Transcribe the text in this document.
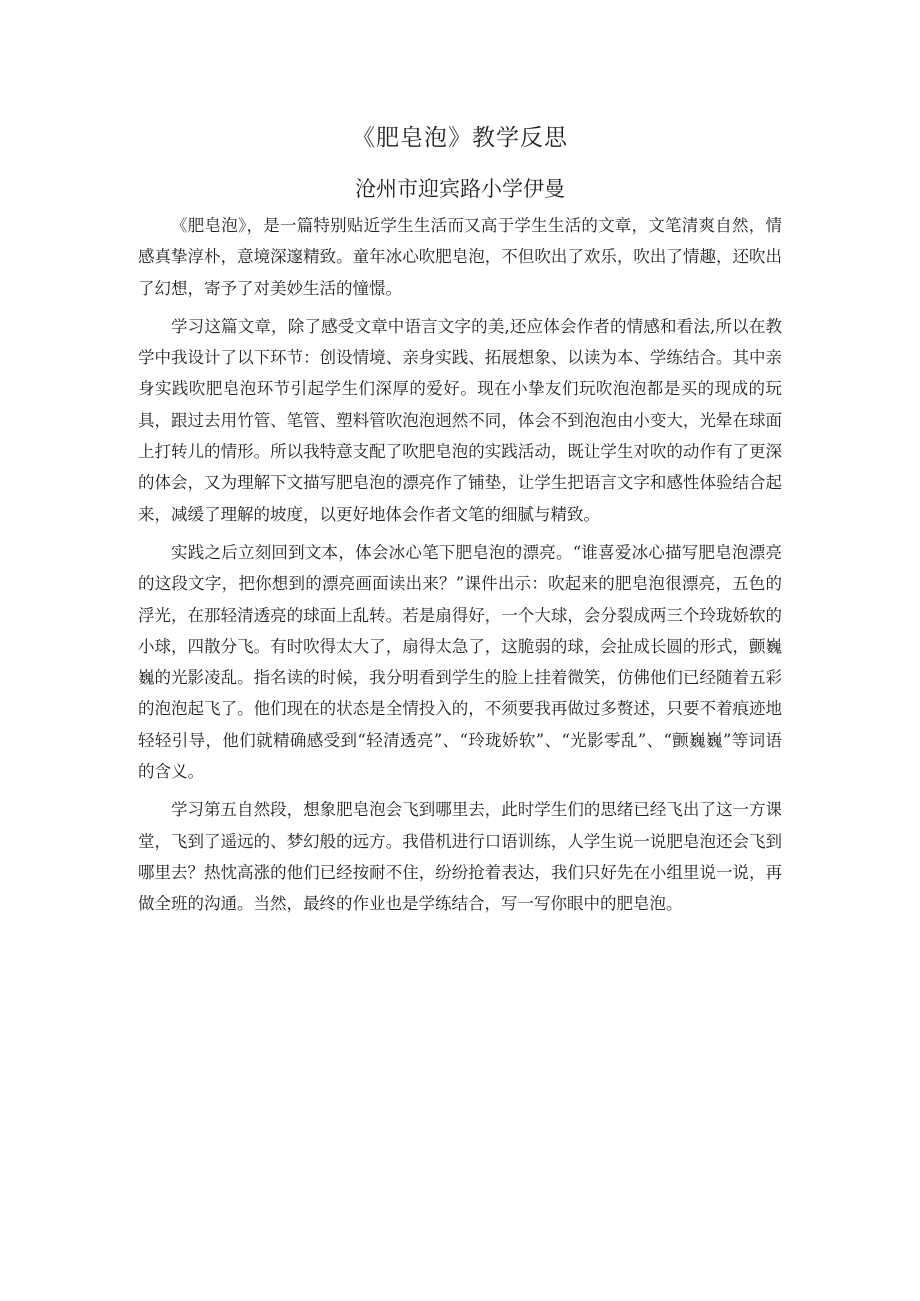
《肥皂泡》教学反思
沧州市迎宾路小学伊曼

《肥皂泡》，是一篇特别贴近学生生活而又高于学生生活的文章，文笔清爽自然，情感真挚淳朴，意境深邃精致。童年冰心吹肥皂泡，不但吹出了欢乐，吹出了情趣，还吹出了幻想，寄予了对美妙生活的憧憬。

学习这篇文章，除了感受文章中语言文字的美,还应体会作者的情感和看法,所以在教学中我设计了以下环节：创设情境、亲身实践、拓展想象、以读为本、学练结合。其中亲身实践吹肥皂泡环节引起学生们深厚的爱好。现在小挚友们玩吹泡泡都是买的现成的玩具，跟过去用竹管、笔管、塑料管吹泡泡迥然不同，体会不到泡泡由小变大，光晕在球面上打转儿的情形。所以我特意支配了吹肥皂泡的实践活动，既让学生对吹的动作有了更深的体会，又为理解下文描写肥皂泡的漂亮作了铺垫，让学生把语言文字和感性体验结合起来，减缓了理解的坡度，以更好地体会作者文笔的细腻与精致。

实践之后立刻回到文本，体会冰心笔下肥皂泡的漂亮。“谁喜爱冰心描写肥皂泡漂亮的这段文字，把你想到的漂亮画面读出来？”课件出示：吹起来的肥皂泡很漂亮，五色的浮光，在那轻清透亮的球面上乱转。若是扇得好，一个大球，会分裂成两三个玲珑娇软的小球，四散分飞。有时吹得太大了，扇得太急了，这脆弱的球，会扯成长圆的形式，颤巍巍的光影凌乱。指名读的时候，我分明看到学生的脸上挂着微笑，仿佛他们已经随着五彩的泡泡起飞了。他们现在的状态是全情投入的，不须要我再做过多赘述，只要不着痕迹地轻轻引导，他们就精确感受到“轻清透亮”、“玲珑娇软”、“光影零乱”、“颤巍巍”等词语的含义。

学习第五自然段，想象肥皂泡会飞到哪里去，此时学生们的思绪已经飞出了这一方课堂，飞到了遥远的、梦幻般的远方。我借机进行口语训练，人学生说一说肥皂泡还会飞到哪里去？热忱高涨的他们已经按耐不住，纷纷抢着表达，我们只好先在小组里说一说，再做全班的沟通。当然，最终的作业也是学练结合，写一写你眼中的肥皂泡。
